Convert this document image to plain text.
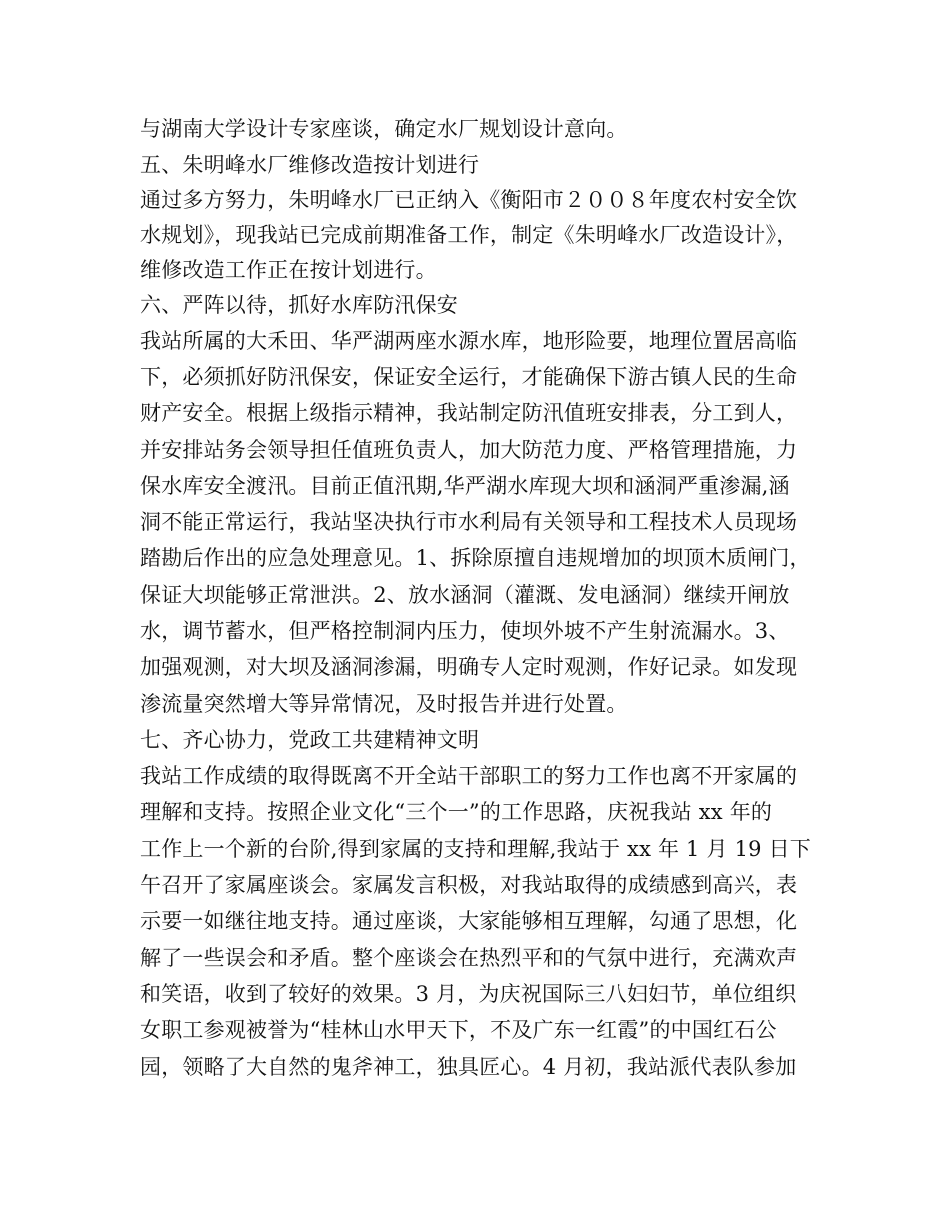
与湖南大学设计专家座谈，确定水厂规划设计意向。
五、朱明峰水厂维修改造按计划进行
通过多方努力，朱明峰水厂已正纳入《衡阳市２００８年度农村安全饮
水规划》，现我站已完成前期准备工作，制定《朱明峰水厂改造设计》，
维修改造工作正在按计划进行。
六、严阵以待，抓好水库防汛保安
我站所属的大禾田、华严湖两座水源水库，地形险要，地理位置居高临
下，必须抓好防汛保安，保证安全运行，才能确保下游古镇人民的生命
财产安全。根据上级指示精神，我站制定防汛值班安排表，分工到人，
并安排站务会领导担任值班负责人，加大防范力度、严格管理措施，力
保水库安全渡汛。目前正值汛期,华严湖水库现大坝和涵洞严重渗漏,涵
洞不能正常运行，我站坚决执行市水利局有关领导和工程技术人员现场
踏勘后作出的应急处理意见。1、拆除原擅自违规增加的坝顶木质闸门，
保证大坝能够正常泄洪。2、放水涵洞（灌溉、发电涵洞）继续开闸放
水，调节蓄水，但严格控制洞内压力，使坝外坡不产生射流漏水。3、
加强观测，对大坝及涵洞渗漏，明确专人定时观测，作好记录。如发现
渗流量突然增大等异常情况，及时报告并进行处置。
七、齐心协力，党政工共建精神文明
我站工作成绩的取得既离不开全站干部职工的努力工作也离不开家属的
理解和支持。按照企业文化“三个一”的工作思路，庆祝我站 xx 年的
工作上一个新的台阶,得到家属的支持和理解,我站于 xx 年 1 月 19 日下
午召开了家属座谈会。家属发言积极，对我站取得的成绩感到高兴，表
示要一如继往地支持。通过座谈，大家能够相互理解，勾通了思想，化
解了一些误会和矛盾。整个座谈会在热烈平和的气氛中进行，充满欢声
和笑语，收到了较好的效果。3 月，为庆祝国际三八妇妇节，单位组织
女职工参观被誉为“桂林山水甲天下，不及广东一红霞”的中国红石公
园，领略了大自然的鬼斧神工，独具匠心。4 月初，我站派代表队参加
